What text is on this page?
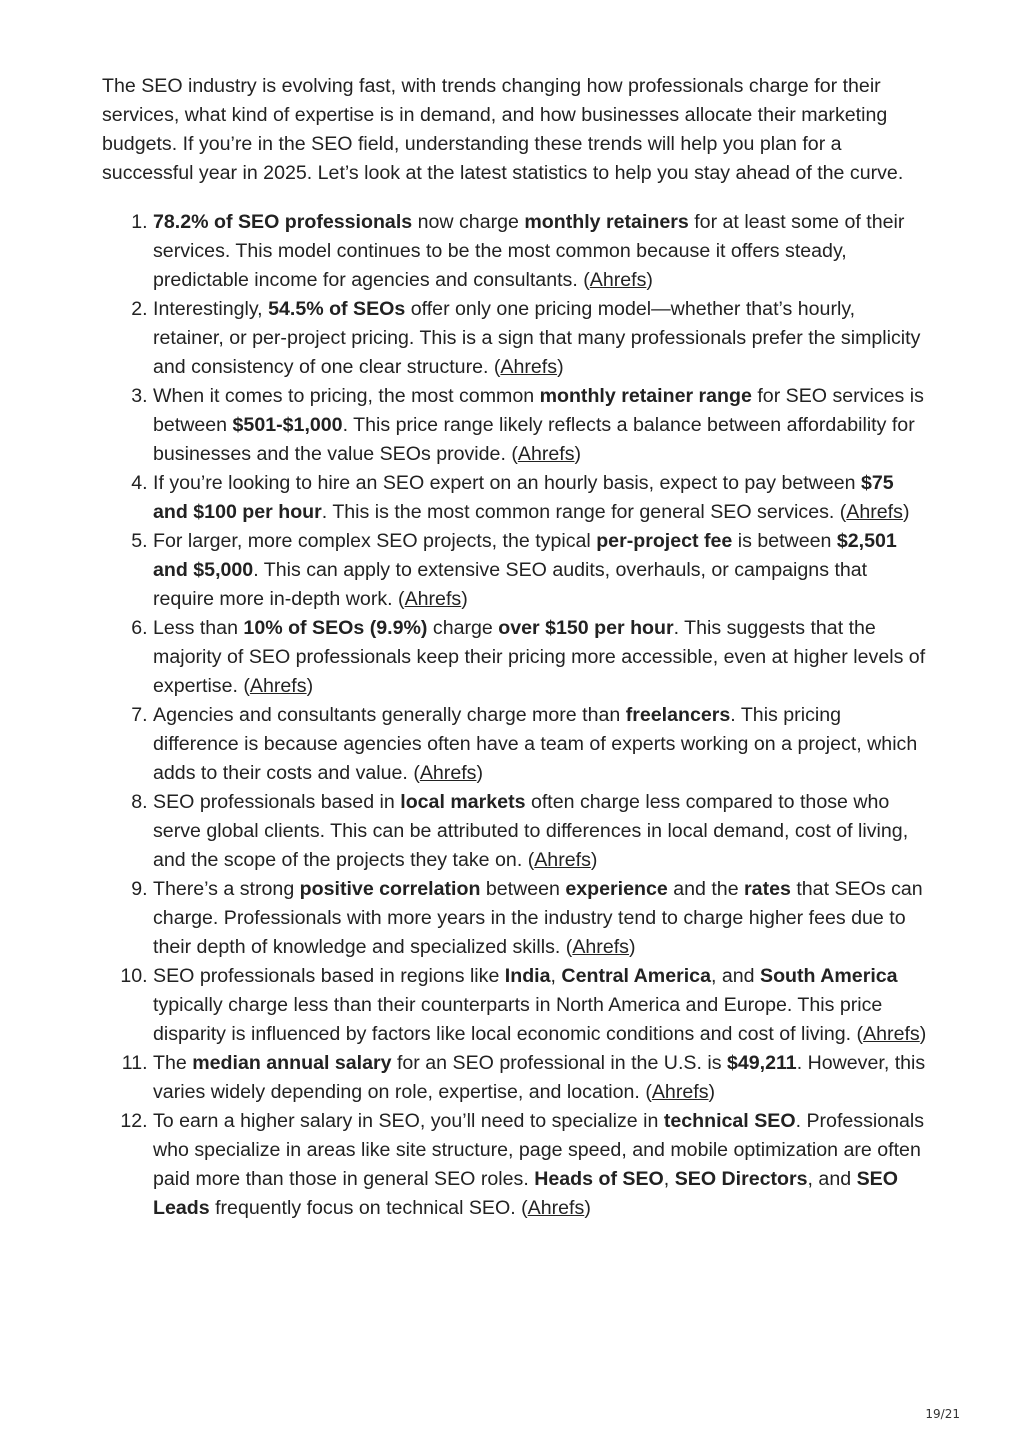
The SEO industry is evolving fast, with trends changing how professionals charge for their services, what kind of expertise is in demand, and how businesses allocate their marketing budgets. If you’re in the SEO field, understanding these trends will help you plan for a successful year in 2025. Let’s look at the latest statistics to help you stay ahead of the curve.

1. 78.2% of SEO professionals now charge monthly retainers for at least some of their services. This model continues to be the most common because it offers steady, predictable income for agencies and consultants. (Ahrefs)
2. Interestingly, 54.5% of SEOs offer only one pricing model—whether that’s hourly, retainer, or per-project pricing. This is a sign that many professionals prefer the simplicity and consistency of one clear structure. (Ahrefs)
3. When it comes to pricing, the most common monthly retainer range for SEO services is between $501-$1,000. This price range likely reflects a balance between affordability for businesses and the value SEOs provide. (Ahrefs)
4. If you’re looking to hire an SEO expert on an hourly basis, expect to pay between $75 and $100 per hour. This is the most common range for general SEO services. (Ahrefs)
5. For larger, more complex SEO projects, the typical per-project fee is between $2,501 and $5,000. This can apply to extensive SEO audits, overhauls, or campaigns that require more in-depth work. (Ahrefs)
6. Less than 10% of SEOs (9.9%) charge over $150 per hour. This suggests that the majority of SEO professionals keep their pricing more accessible, even at higher levels of expertise. (Ahrefs)
7. Agencies and consultants generally charge more than freelancers. This pricing difference is because agencies often have a team of experts working on a project, which adds to their costs and value. (Ahrefs)
8. SEO professionals based in local markets often charge less compared to those who serve global clients. This can be attributed to differences in local demand, cost of living, and the scope of the projects they take on. (Ahrefs)
9. There’s a strong positive correlation between experience and the rates that SEOs can charge. Professionals with more years in the industry tend to charge higher fees due to their depth of knowledge and specialized skills. (Ahrefs)
10. SEO professionals based in regions like India, Central America, and South America typically charge less than their counterparts in North America and Europe. This price disparity is influenced by factors like local economic conditions and cost of living. (Ahrefs)
11. The median annual salary for an SEO professional in the U.S. is $49,211. However, this varies widely depending on role, expertise, and location. (Ahrefs)
12. To earn a higher salary in SEO, you’ll need to specialize in technical SEO. Professionals who specialize in areas like site structure, page speed, and mobile optimization are often paid more than those in general SEO roles. Heads of SEO, SEO Directors, and SEO Leads frequently focus on technical SEO. (Ahrefs)
19/21
